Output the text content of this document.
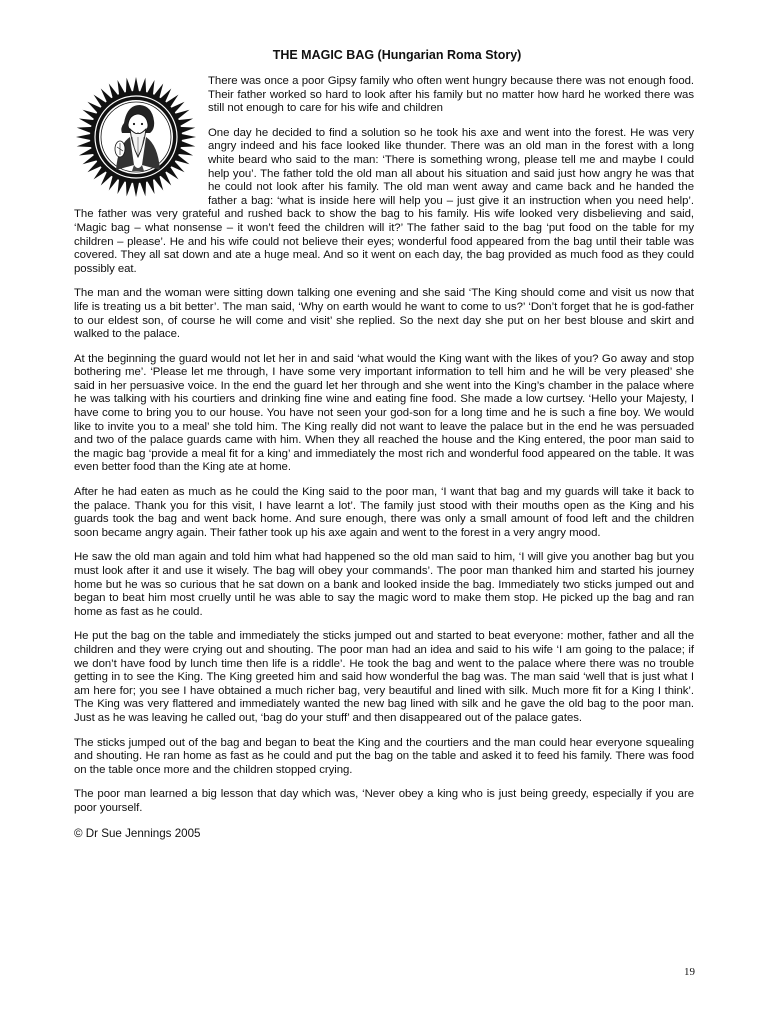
THE MAGIC BAG (Hungarian Roma Story)

There was once a poor Gipsy family who often went hungry because there was not enough food. Their father worked so hard to look after his family but no matter how hard he worked there was still not enough to care for his wife and children

One day he decided to find a solution so he took his axe and went into the forest. He was very angry indeed and his face looked like thunder. There was an old man in the forest with a long white beard who said to the man: ‘There is something wrong, please tell me and maybe I could help you’. The father told the old man all about his situation and said just how angry he was that he could not look after his family. The old man went away and came back and he handed the father a bag: ‘what is inside here will help you – just give it an instruction when you need help’. The father was very grateful and rushed back to show the bag to his family. His wife looked very disbelieving and said, ‘Magic bag – what nonsense – it won’t feed the children will it?’ The father said to the bag ‘put food on the table for my children – please’. He and his wife could not believe their eyes; wonderful food appeared from the bag until their table was covered. They all sat down and ate a huge meal. And so it went on each day, the bag provided as much food as they could possibly eat.

The man and the woman were sitting down talking one evening and she said ‘The King should come and visit us now that life is treating us a bit better’. The man said, ‘Why on earth would he want to come to us?’ ‘Don’t forget that he is god-father to our eldest son, of course he will come and visit’ she replied. So the next day she put on her best blouse and skirt and walked to the palace.

At the beginning the guard would not let her in and said ‘what would the King want with the likes of you? Go away and stop bothering me’. ‘Please let me through, I have some very important information to tell him and he will be very pleased’ she said in her persuasive voice. In the end the guard let her through and she went into the King’s chamber in the palace where he was talking with his courtiers and drinking fine wine and eating fine food. She made a low curtsey. ‘Hello your Majesty, I have come to bring you to our house. You have not seen your god-son for a long time and he is such a fine boy. We would like to invite you to a meal’ she told him. The King really did not want to leave the palace but in the end he was persuaded and two of the palace guards came with him. When they all reached the house and the King entered, the poor man said to the magic bag ‘provide a meal fit for a king’ and immediately the most rich and wonderful food appeared on the table. It was even better food than the King ate at home.

After he had eaten as much as he could the King said to the poor man, ‘I want that bag and my guards will take it back to the palace. Thank you for this visit, I have learnt a lot’. The family just stood with their mouths open as the King and his guards took the bag and went back home. And sure enough, there was only a small amount of food left and the children soon became angry again. Their father took up his axe again and went to the forest in a very angry mood.

He saw the old man again and told him what had happened so the old man said to him, ‘I will give you another bag but you must look after it and use it wisely. The bag will obey your commands’. The poor man thanked him and started his journey home but he was so curious that he sat down on a bank and looked inside the bag. Immediately two sticks jumped out and began to beat him most cruelly until he was able to say the magic word to make them stop. He picked up the bag and ran home as fast as he could.

He put the bag on the table and immediately the sticks jumped out and started to beat everyone: mother, father and all the children and they were crying out and shouting. The poor man had an idea and said to his wife ‘I am going to the palace; if we don’t have food by lunch time then life is a riddle’. He took the bag and went to the palace where there was no trouble getting in to see the King. The King greeted him and said how wonderful the bag was. The man said ‘well that is just what I am here for; you see I have obtained a much richer bag, very beautiful and lined with silk. Much more fit for a King I think’. The King was very flattered and immediately wanted the new bag lined with silk and he gave the old bag to the poor man. Just as he was leaving he called out, ‘bag do your stuff’ and then disappeared out of the palace gates.

The sticks jumped out of the bag and began to beat the King and the courtiers and the man could hear everyone squealing and shouting. He ran home as fast as he could and put the bag on the table and asked it to feed his family. There was food on the table once more and the children stopped crying.

The poor man learned a big lesson that day which was, ‘Never obey a king who is just being greedy, especially if you are poor yourself.

© Dr Sue Jennings 2005
19
